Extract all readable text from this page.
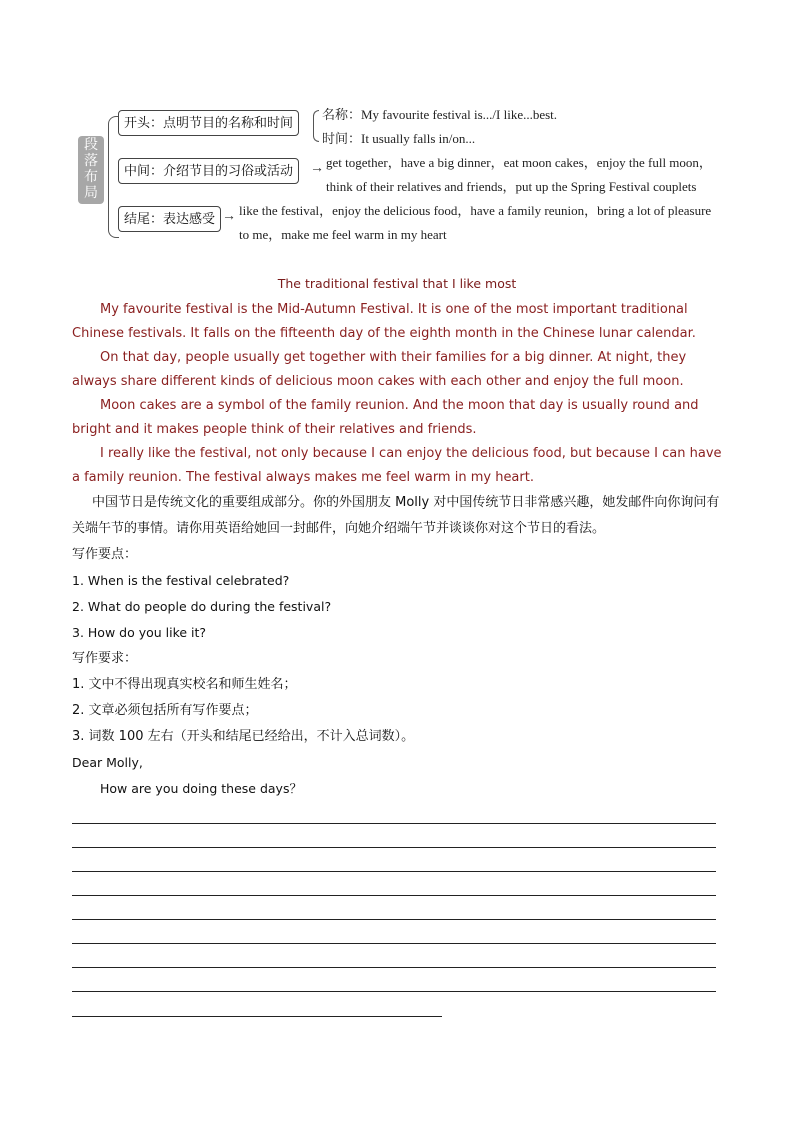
段
落
布
局
开头：点明节目的名称和时间
名称：My favourite festival is.../I like...best.
时间：It usually falls in/on...
中间：介绍节目的习俗或活动	→ get together，have a big dinner，eat moon cakes，enjoy the full moon，
think of their relatives and friends，put up the Spring Festival couplets
结尾：表达感受 → like the festival，enjoy the delicious food，have a family reunion，bring a lot of pleasure
to me，make me feel warm in my heart
The traditional festival that I like most

My favourite festival is the Mid-Autumn Festival. It is one of the most important traditional Chinese festivals. It falls on the fifteenth day of the eighth month in the Chinese lunar calendar.

On that day, people usually get together with their families for a big dinner. At night, they always share different kinds of delicious moon cakes with each other and enjoy the full moon.

Moon cakes are a symbol of the family reunion. And the moon that day is usually round and bright and it makes people think of their relatives and friends.

I really like the festival, not only because I can enjoy the delicious food, but because I can have a family reunion. The festival always makes me feel warm in my heart.

中国节日是传统文化的重要组成部分。你的外国朋友 Molly 对中国传统节日非常感兴趣，她发邮件向你询问有关端午节的事情。请你用英语给她回一封邮件，向她介绍端午节并谈谈你对这个节日的看法。

写作要点：

1. When is the festival celebrated?

2. What do people do during the festival?

3. How do you like it?

写作要求：

1. 文中不得出现真实校名和师生姓名；

2. 文章必须包括所有写作要点；

3. 词数 100 左右（开头和结尾已经给出，不计入总词数）。

Dear Molly,

How are you doing these days？
